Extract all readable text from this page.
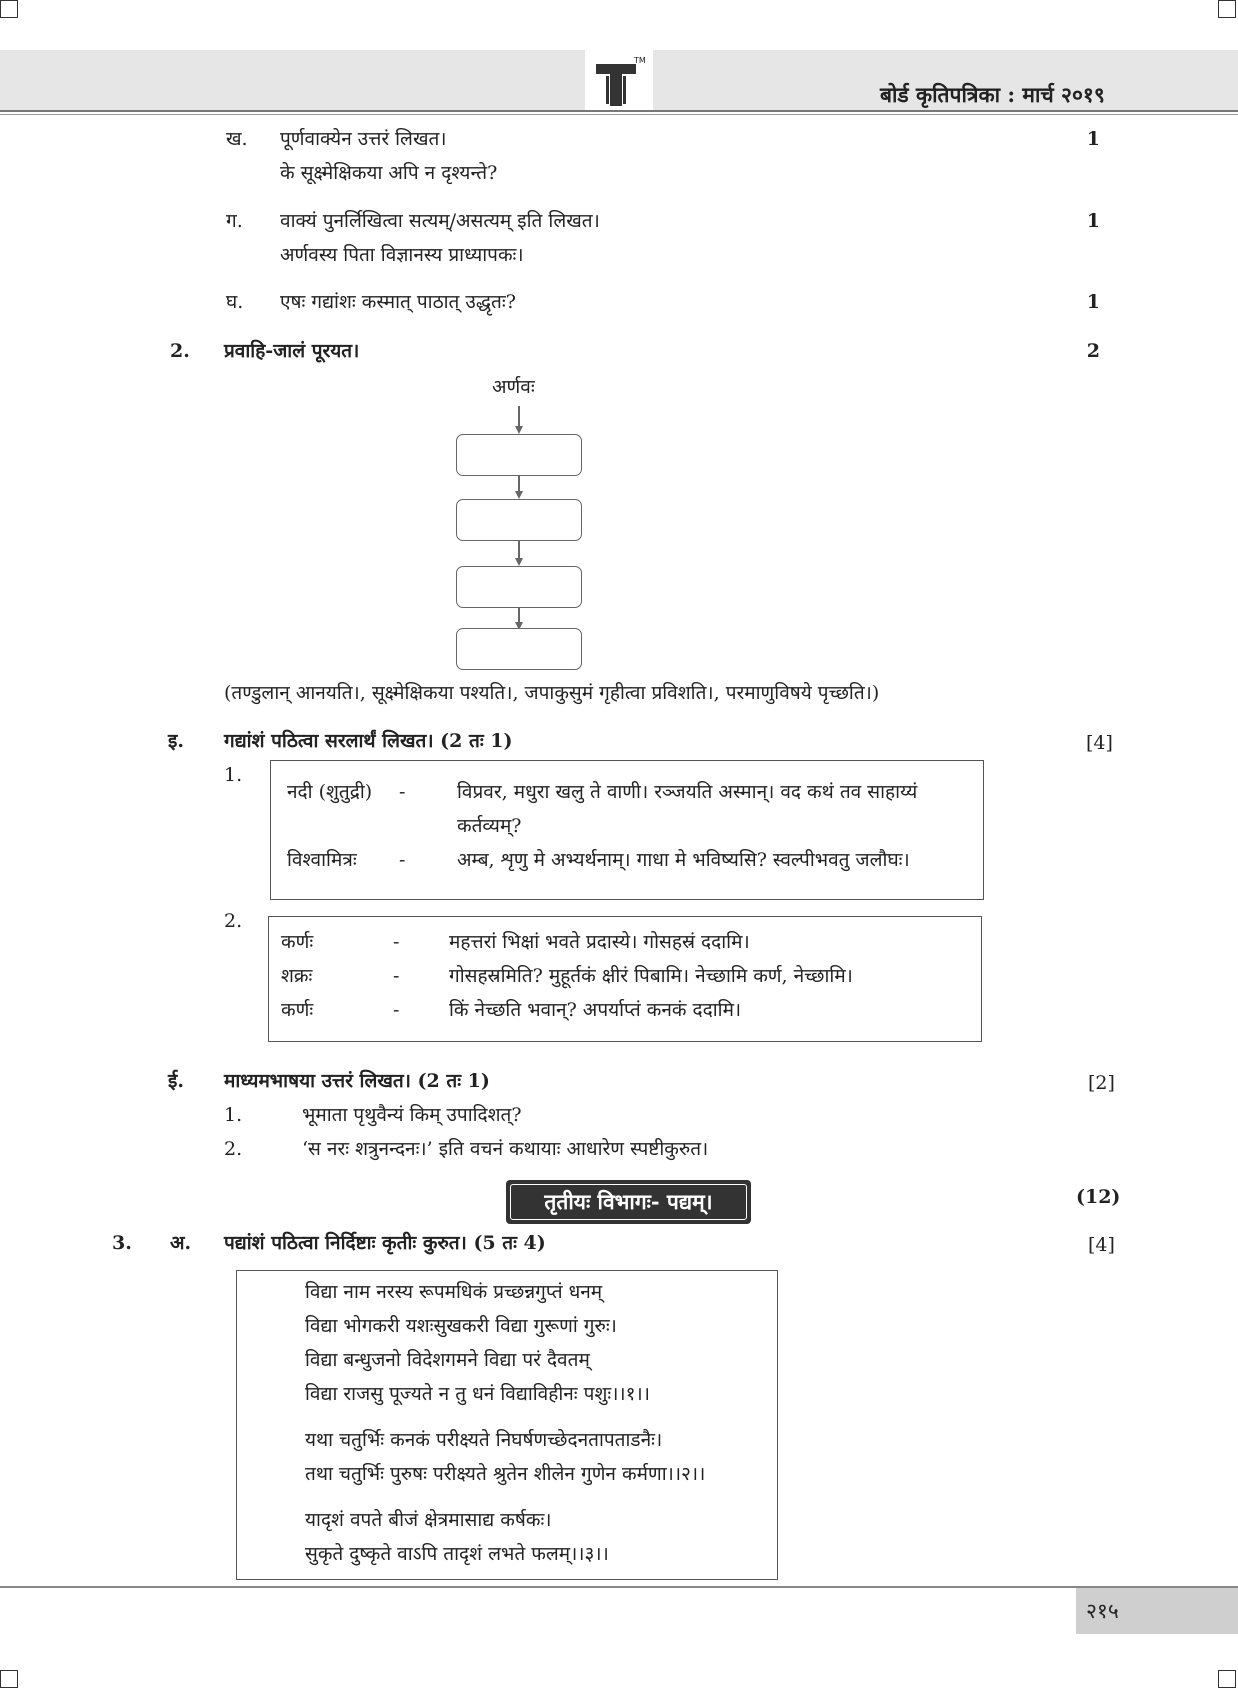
TM
बोर्ड कृतिपत्रिका : मार्च २०१९
ख. पूर्णवाक्येन उत्तरं लिखत।
के सूक्ष्मेक्षिकया अपि न दृश्यन्ते?
1
ग. वाक्यं पुनर्लिखित्वा सत्यम्/असत्यम् इति लिखत।
अर्णवस्य पिता विज्ञानस्य प्राध्यापकः।
1
घ. एषः गद्यांशः कस्मात् पाठात् उद्धृतः?	1
2. प्रवाहि-जालं पूरयत।	2
अर्णवः
(तण्डुलान् आनयति।, सूक्ष्मेक्षिकया पश्यति।, जपाकुसुमं गृहीत्वा प्रविशति।, परमाणुविषये पृच्छति।)
इ. गद्यांशं पठित्वा सरलार्थं लिखत। (2 तः 1)	[4]
1.
नदी (शुतुद्री) -	विप्रवर, मधुरा खलु ते वाणी। रञ्जयति अस्मान्। वद कथं तव साहाय्यं
कर्तव्यम्?
विश्वामित्रः -	अम्ब, शृणु मे अभ्यर्थनाम्। गाधा मे भविष्यसि? स्वल्पीभवतु जलौघः।
2.
कर्णः	-	महत्तरां भिक्षां भवते प्रदास्ये। गोसहस्रं ददामि।
शक्रः	-	गोसहस्रमिति? मुहूर्तकं क्षीरं पिबामि। नेच्छामि कर्ण, नेच्छामि।
कर्णः	-	किं नेच्छति भवान्? अपर्याप्तं कनकं ददामि।
ई. माध्यमभाषया उत्तरं लिखत। (2 तः 1)	[2]
1.	भूमाता पृथुवैन्यं किम् उपादिशत्?
2.	‘स नरः शत्रुनन्दनः।’ इति वचनं कथायाः आधारेण स्पष्टीकुरुत।
तृतीयः विभागः- पद्यम्।	(12)
3. अ. पद्यांशं पठित्वा निर्दिष्टाः कृतीः कुरुत। (5 तः 4)	[4]
विद्या नाम नरस्य रूपमधिकं प्रच्छन्नगुप्तं धनम्
विद्या भोगकरी यशःसुखकरी विद्या गुरूणां गुरुः।
विद्या बन्धुजनो विदेशगमने विद्या परं दैवतम्
विद्या राजसु पूज्यते न तु धनं विद्याविहीनः पशुः।।१।।
यथा चतुर्भिः कनकं परीक्ष्यते निघर्षणच्छेदनतापताडनैः।
तथा चतुर्भिः पुरुषः परीक्ष्यते श्रुतेन शीलेन गुणेन कर्मणा।।२।।
यादृशं वपते बीजं क्षेत्रमासाद्य कर्षकः।
सुकृते दुष्कृते वाऽपि तादृशं लभते फलम्।।३।।
२१५
